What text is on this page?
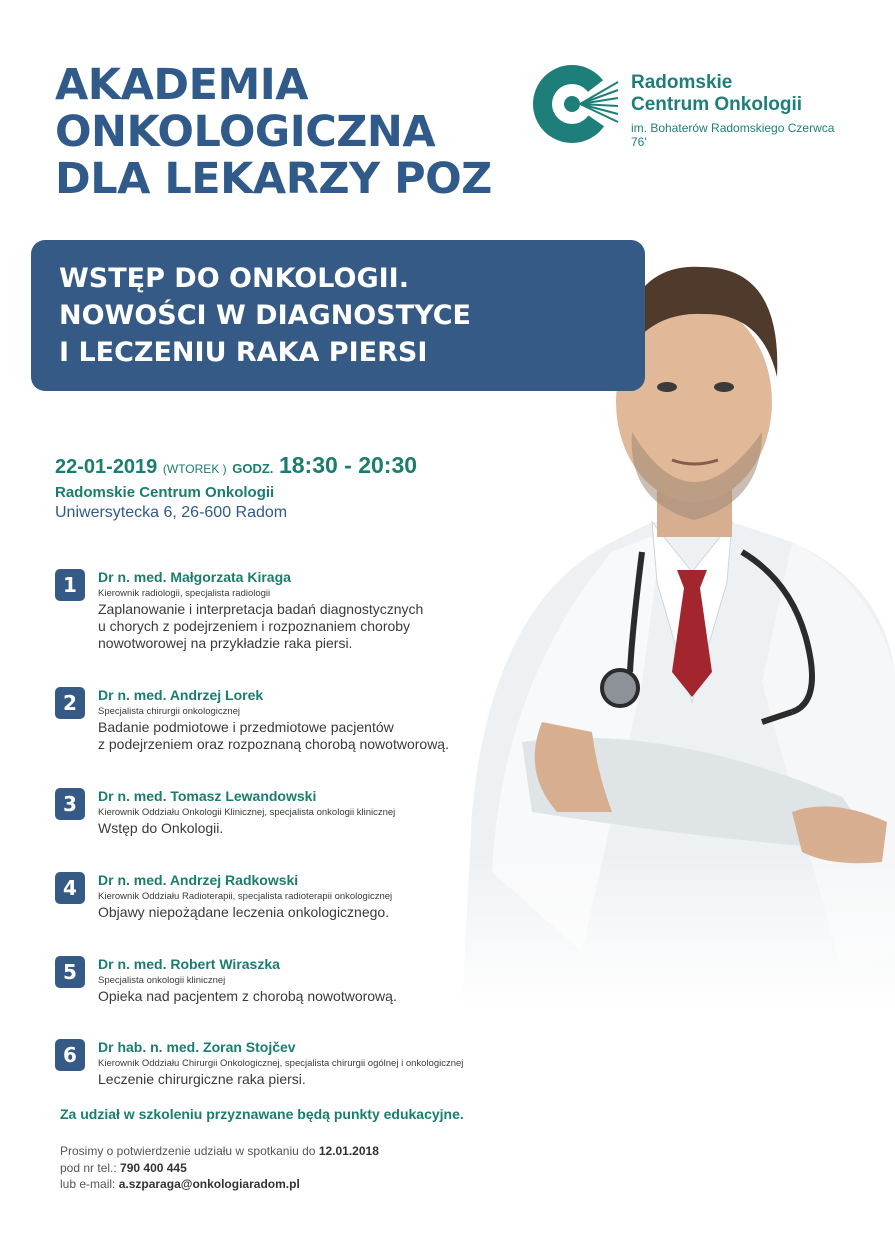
AKADEMIA
ONKOLOGICZNA
DLA LEKARZY POZ
Radomskie
Centrum Onkologii
im. Bohaterów Radomskiego Czerwca 76'
WSTĘP DO ONKOLOGII.
NOWOŚCI W DIAGNOSTYCE
I LECZENIU RAKA PIERSI
22-01-2019 (WTOREK ) GODZ. 18:30 - 20:30
Radomskie Centrum Onkologii
Uniwersytecka 6, 26-600 Radom
1	Dr n. med. Małgorzata Kiraga
Kierownik radiologii, specjalista radiologii
Zaplanowanie i interpretacja badań diagnostycznych
u chorych z podejrzeniem i rozpoznaniem choroby
nowotworowej na przykładzie raka piersi.
2	Dr n. med. Andrzej Lorek
Specjalista chirurgii onkologicznej
Badanie podmiotowe i przedmiotowe pacjentów
z podejrzeniem oraz rozpoznaną chorobą nowotworową.
3	Dr n. med. Tomasz Lewandowski
Kierownik Oddziału Onkologii Klinicznej, specjalista onkologii klinicznej
Wstęp do Onkologii.
4	Dr n. med. Andrzej Radkowski
Kierownik Oddziału Radioterapii, specjalista radioterapii onkologicznej
Objawy niepożądane leczenia onkologicznego.
5	Dr n. med. Robert Wiraszka
Specjalista onkologii klinicznej
Opieka nad pacjentem z chorobą nowotworową.
6	Dr hab. n. med. Zoran Stojčev
Kierownik Oddziału Chirurgii Onkologicznej, specjalista chirurgii ogólnej i onkologicznej
Leczenie chirurgiczne raka piersi.
Za udział w szkoleniu przyznawane będą punkty edukacyjne.
Prosimy o potwierdzenie udziału w spotkaniu do 12.01.2018
pod nr tel.: 790 400 445
lub e-mail: a.szparaga@onkologiaradom.pl
